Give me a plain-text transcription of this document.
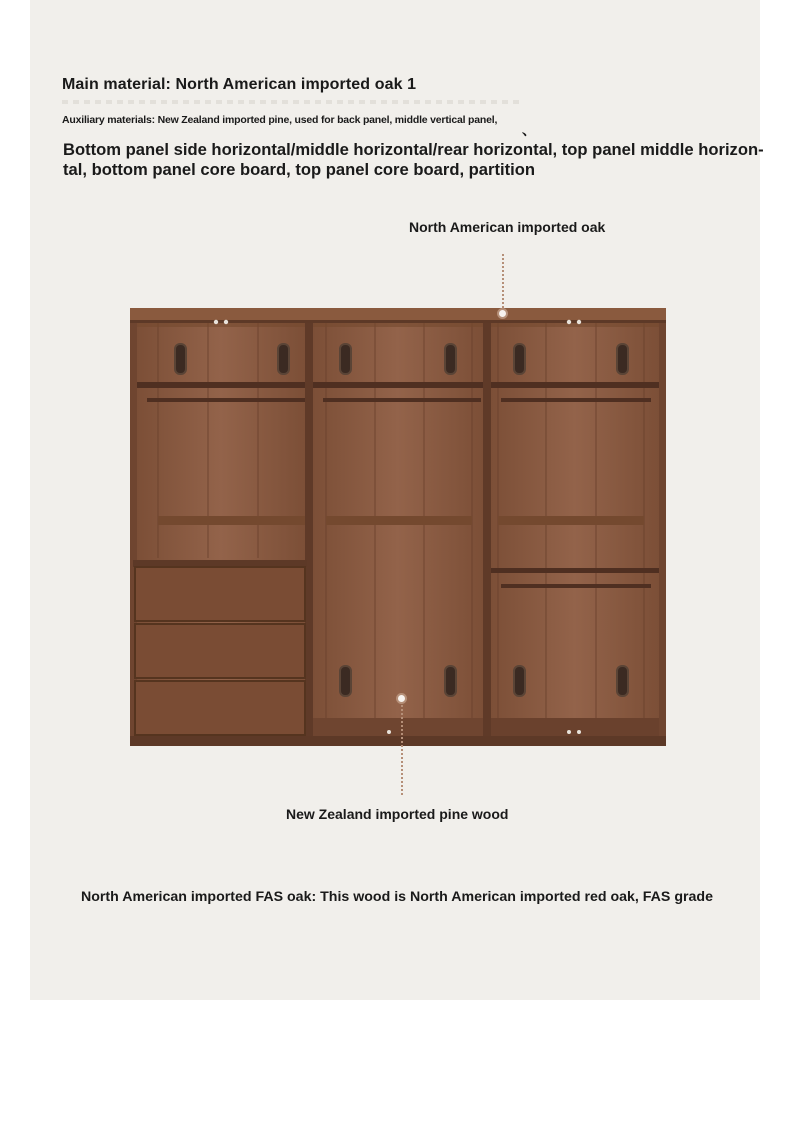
Main material: North American imported oak 1
Auxiliary materials: New Zealand imported pine, used for back panel, middle vertical panel,
、
Bottom panel side horizontal/middle horizontal/rear horizontal, top panel middle horizon-tal, bottom panel core board, top panel core board, partition
North American imported oak
New Zealand imported pine wood
North American imported FAS oak: This wood is North American imported red oak, FAS grade
